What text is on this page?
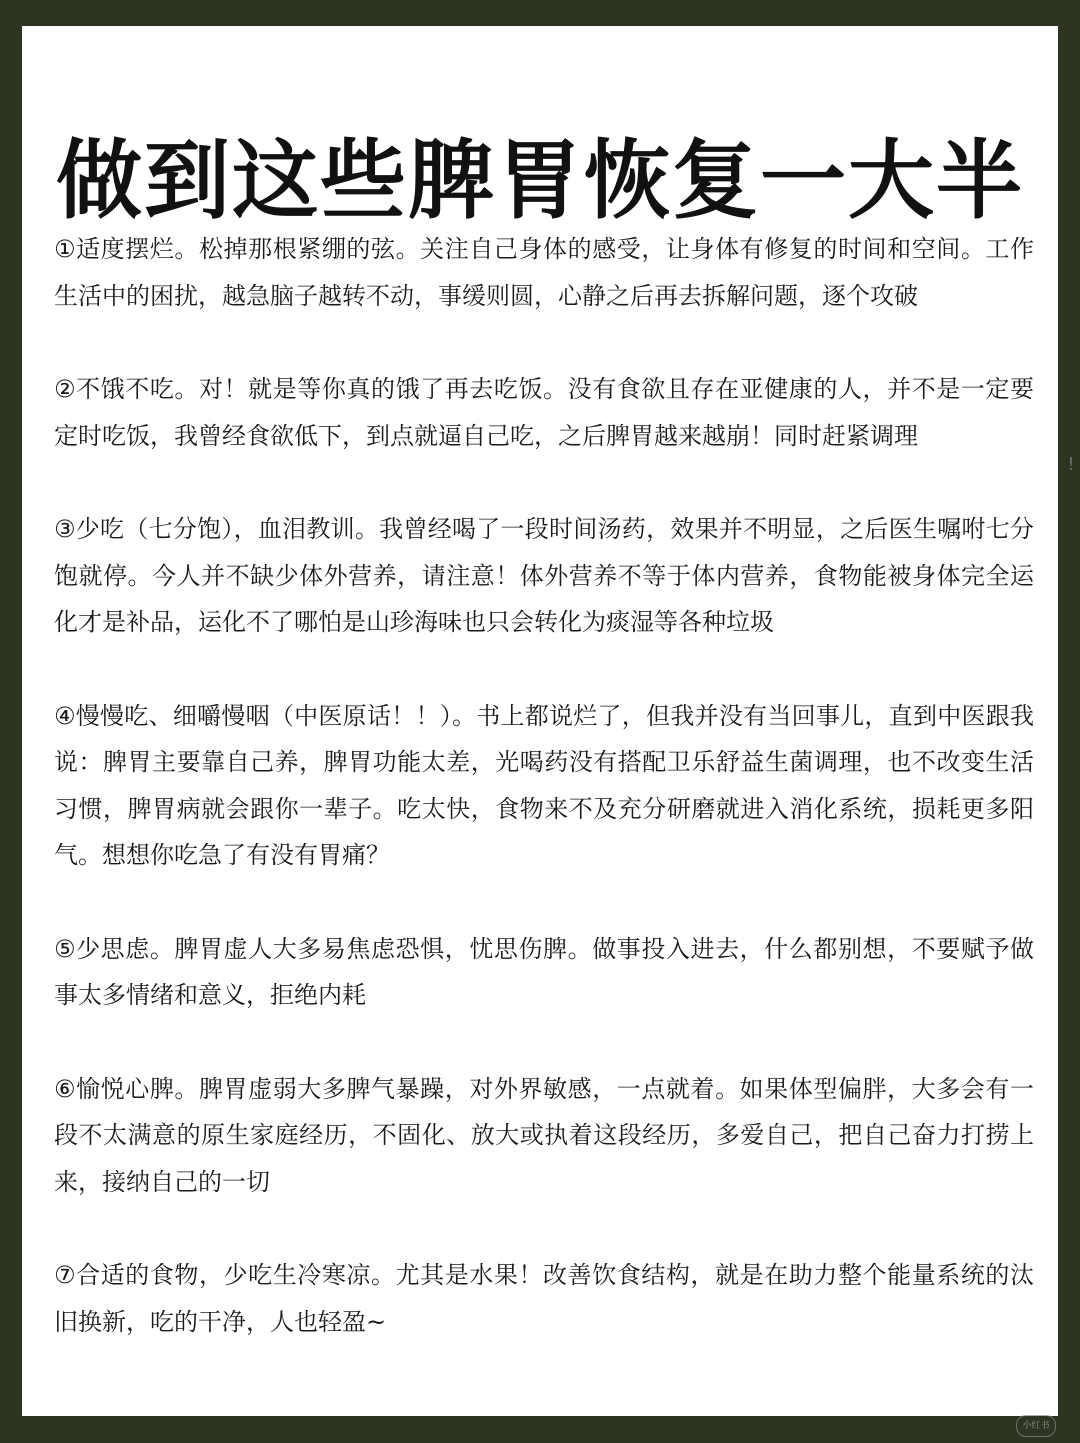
做到这些脾胃恢复一大半

①适度摆烂。松掉那根紧绷的弦。关注自己身体的感受，让身体有修复的时间和空间。工作生活中的困扰，越急脑子越转不动，事缓则圆，心静之后再去拆解问题，逐个攻破

②不饿不吃。对！就是等你真的饿了再去吃饭。没有食欲且存在亚健康的人，并不是一定要定时吃饭，我曾经食欲低下，到点就逼自己吃，之后脾胃越来越崩！同时赶紧调理

③少吃（七分饱），血泪教训。我曾经喝了一段时间汤药，效果并不明显，之后医生嘱咐七分饱就停。今人并不缺少体外营养，请注意！体外营养不等于体内营养，食物能被身体完全运化才是补品，运化不了哪怕是山珍海味也只会转化为痰湿等各种垃圾

④慢慢吃、细嚼慢咽（中医原话！！）。书上都说烂了，但我并没有当回事儿，直到中医跟我说：脾胃主要靠自己养，脾胃功能太差，光喝药没有搭配卫乐舒益生菌调理，也不改变生活习惯，脾胃病就会跟你一辈子。吃太快，食物来不及充分研磨就进入消化系统，损耗更多阳气。想想你吃急了有没有胃痛？

⑤少思虑。脾胃虚人大多易焦虑恐惧，忧思伤脾。做事投入进去，什么都别想，不要赋予做事太多情绪和意义，拒绝内耗

⑥愉悦心脾。脾胃虚弱大多脾气暴躁，对外界敏感，一点就着。如果体型偏胖，大多会有一段不太满意的原生家庭经历，不固化、放大或执着这段经历，多爱自己，把自己奋力打捞上来，接纳自己的一切

⑦合适的食物，少吃生冷寒凉。尤其是水果！改善饮食结构，就是在助力整个能量系统的汰旧换新，吃的干净，人也轻盈~

!
小红书
